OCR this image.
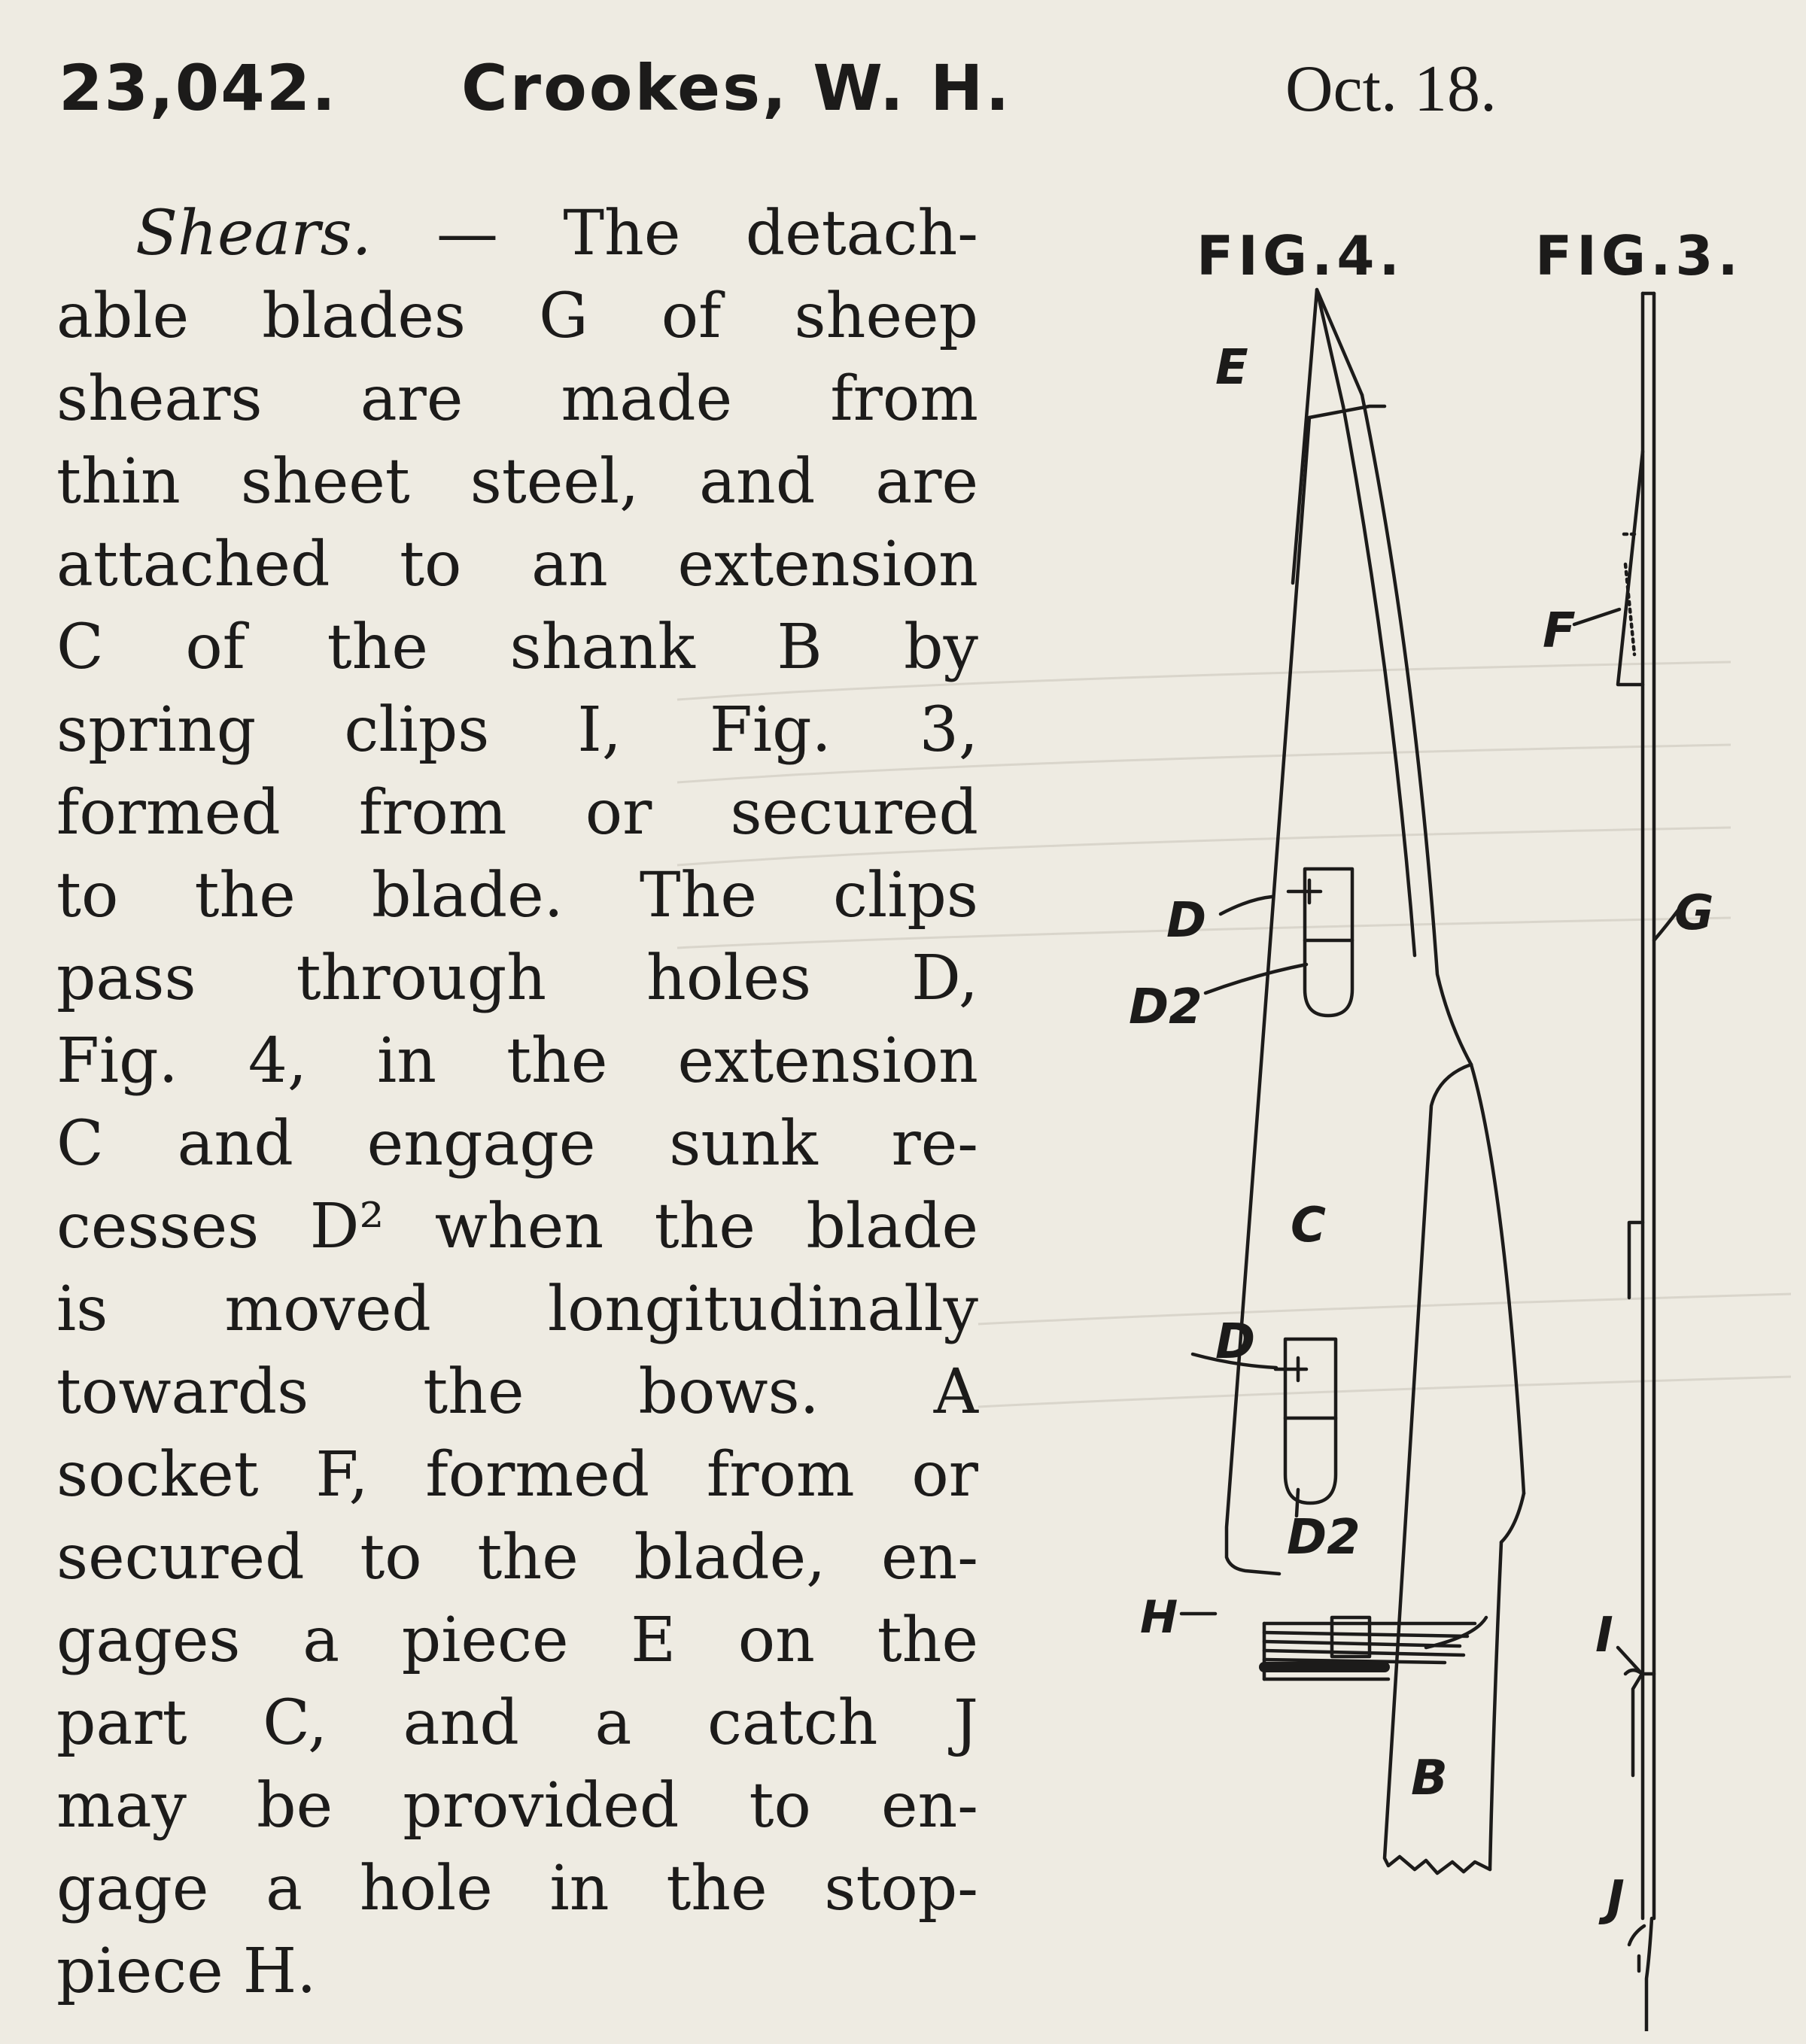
23,042. Crookes, W. H.	Oct. 18.
Shears. — The detach-
able blades G of sheep
shears are made from
thin sheet steel, and are
attached to an extension
C of the shank B by
spring clips I, Fig. 3,
formed from or secured
to the blade. The clips
pass through holes D,
Fig. 4, in the extension
C and engage sunk re-
cesses D² when the blade
is moved longitudinally
towards the bows. A
socket F, formed from or
secured to the blade, en-
gages a piece E on the
part C, and a catch J
may be provided to en-
gage a hole in the stop-
piece H.
FIG.4. FIG.3.
E
D
D2
C
D
D2
H
B
F
G
I
J
